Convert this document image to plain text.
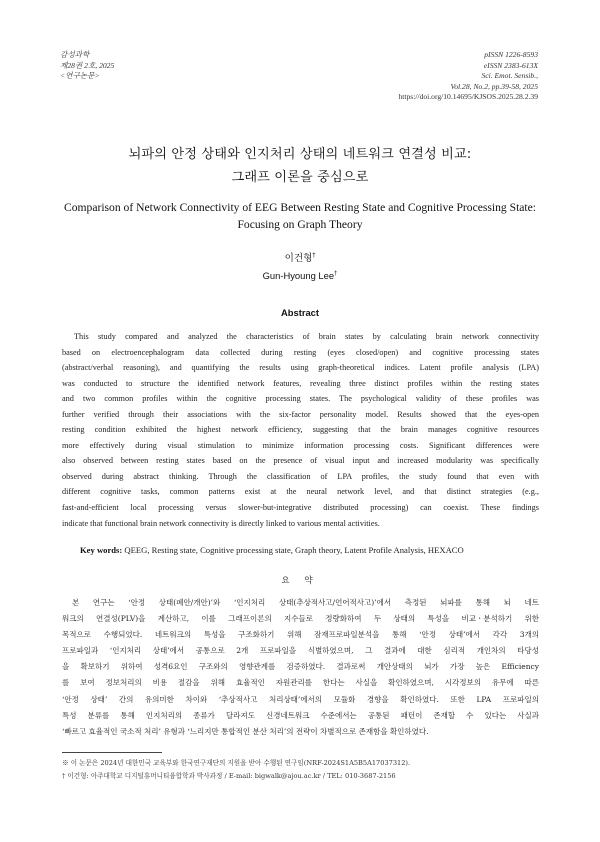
감성과학
제28권 2호, 2025
<연구논문>
pISSN 1226-8593
eISSN 2383-613X
Sci. Emot. Sensib.,
Vol.28, No.2, pp.39-58, 2025
https://doi.org/10.14695/KJSOS.2025.28.2.39
뇌파의 안정 상태와 인지처리 상태의 네트워크 연결성 비교:
그래프 이론을 중심으로
Comparison of Network Connectivity of EEG Between Resting State and Cognitive Processing State:
Focusing on Graph Theory
이건형†
Gun-Hyoung Lee†
Abstract
This study compared and analyzed the characteristics of brain states by calculating brain network connectivity
based on electroencephalogram data collected during resting (eyes closed/open) and cognitive processing states
(abstract/verbal reasoning), and quantifying the results using graph-theoretical indices. Latent profile analysis (LPA)
was conducted to structure the identified network features, revealing three distinct profiles within the resting states
and two common profiles within the cognitive processing states. The psychological validity of these profiles was
further verified through their associations with the six-factor personality model. Results showed that the eyes-open
resting condition exhibited the highest network efficiency, suggesting that the brain manages cognitive resources
more effectively during visual stimulation to minimize information processing costs. Significant differences were
also observed between resting states based on the presence of visual input and increased modularity was specifically
observed during abstract thinking. Through the classification of LPA profiles, the study found that even with
different cognitive tasks, common patterns exist at the neural network level, and that distinct strategies (e.g.,
fast-and-efficient local processing versus slower-but-integrative distributed processing) can coexist. These findings
indicate that functional brain network connectivity is directly linked to various mental activities.
Key words: QEEG, Resting state, Cognitive processing state, Graph theory, Latent Profile Analysis, HEXACO
요 약
본 연구는 ‘안정 상태(폐안/개안)’와 ‘인지처리 상태(추상적사고/언어적사고)’에서 측정된 뇌파를 통해 뇌 네트
워크의 연결성(PLV)을 계산하고, 이를 그래프이론의 지수들로 정량화하여 두 상태의 특성을 비교ㆍ분석하기 위한
목적으로 수행되었다. 네트워크의 특성을 구조화하기 위해 잠재프로파일분석을 통해 ‘안정 상태’에서 각각 3개의
프로파일과 ‘인지처리 상태’에서 공통으로 2개 프로파일을 식별하였으며, 그 결과에 대한 심리적 개인차의 타당성
을 확보하기 위하여 성격6요인 구조와의 영향관계를 검증하였다. 결과로써 개안상태의 뇌가 가장 높은 Efficiency
를 보여 정보처리의 비용 절감을 위해 효율적인 자원관리를 한다는 사실을 확인하였으며, 시각정보의 유무에 따른
‘안정 상태’ 간의 유의미한 차이와 ‘추상적사고 처리상태’에서의 모듈화 경향을 확인하였다. 또한 LPA 프로파일의
특성 분류를 통해 인지처리의 종류가 달라져도 신경네트워크 수준에서는 공통된 패턴이 존재할 수 있다는 사실과
‘빠르고 효율적인 국소적 처리’ 유형과 ‘느리지만 통합적인 분산 처리’의 전략이 차별적으로 존재함을 확인하였다.
※ 이 논문은 2024년 대한민국 교육부와 한국연구재단의 지원을 받아 수행된 연구임(NRF-2024S1A5B5A17037312).
† 이건형: 아주대학교 디지털휴머니티융합학과 박사과정 / E-mail: bigwalk@ajou.ac.kr / TEL: 010-3687-2156
